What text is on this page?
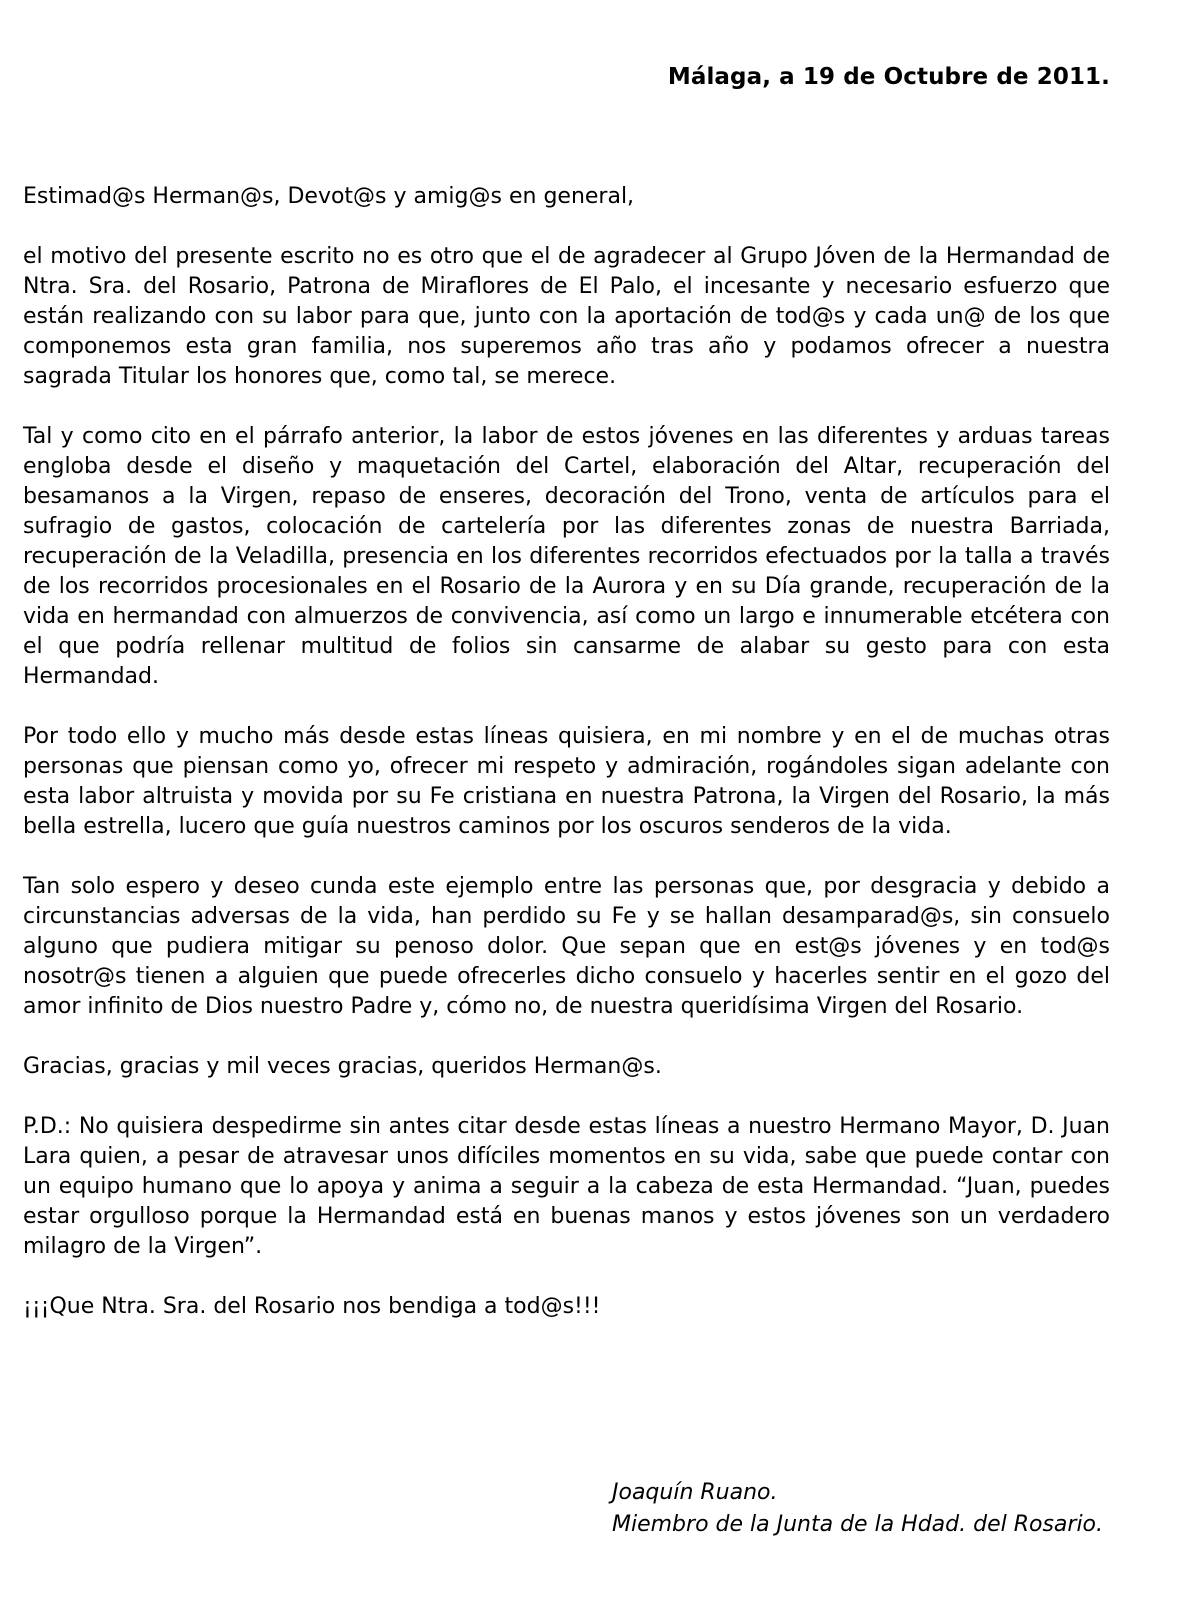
Málaga, a 19 de Octubre de 2011.

Estimad@s Herman@s, Devot@s y amig@s en general,

el motivo del presente escrito no es otro que el de agradecer al Grupo Jóven de la Hermandad de Ntra. Sra. del Rosario, Patrona de Miraflores de El Palo, el incesante y necesario esfuerzo que están realizando con su labor para que, junto con la aportación de tod@s y cada un@ de los que componemos esta gran familia, nos superemos año tras año y podamos ofrecer a nuestra sagrada Titular los honores que, como tal, se merece.

Tal y como cito en el párrafo anterior, la labor de estos jóvenes en las diferentes y arduas tareas engloba desde el diseño y maquetación del Cartel, elaboración del Altar, recuperación del besamanos a la Virgen, repaso de enseres, decoración del Trono, venta de artículos para el sufragio de gastos, colocación de cartelería por las diferentes zonas de nuestra Barriada, recuperación de la Veladilla, presencia en los diferentes recorridos efectuados por la talla a través de los recorridos procesionales en el Rosario de la Aurora y en su Día grande, recuperación de la vida en hermandad con almuerzos de convivencia, así como un largo e innumerable etcétera con el que podría rellenar multitud de folios sin cansarme de alabar su gesto para con esta Hermandad.

Por todo ello y mucho más desde estas líneas quisiera, en mi nombre y en el de muchas otras personas que piensan como yo, ofrecer mi respeto y admiración, rogándoles sigan adelante con esta labor altruista y movida por su Fe cristiana en nuestra Patrona, la Virgen del Rosario, la más bella estrella, lucero que guía nuestros caminos por los oscuros senderos de la vida.

Tan solo espero y deseo cunda este ejemplo entre las personas que, por desgracia y debido a circunstancias adversas de la vida, han perdido su Fe y se hallan desamparad@s, sin consuelo alguno que pudiera mitigar su penoso dolor. Que sepan que en est@s jóvenes y en tod@s nosotr@s tienen a alguien que puede ofrecerles dicho consuelo y hacerles sentir en el gozo del amor infinito de Dios nuestro Padre y, cómo no, de nuestra queridísima Virgen del Rosario.

Gracias, gracias y mil veces gracias, queridos Herman@s.

P.D.: No quisiera despedirme sin antes citar desde estas líneas a nuestro Hermano Mayor, D. Juan Lara quien, a pesar de atravesar unos difíciles momentos en su vida, sabe que puede contar con un equipo humano que lo apoya y anima a seguir a la cabeza de esta Hermandad. “Juan, puedes estar orgulloso porque la Hermandad está en buenas manos y estos jóvenes son un verdadero milagro de la Virgen”.

¡¡¡Que Ntra. Sra. del Rosario nos bendiga a tod@s!!!

Joaquín Ruano.
Miembro de la Junta de la Hdad. del Rosario.
